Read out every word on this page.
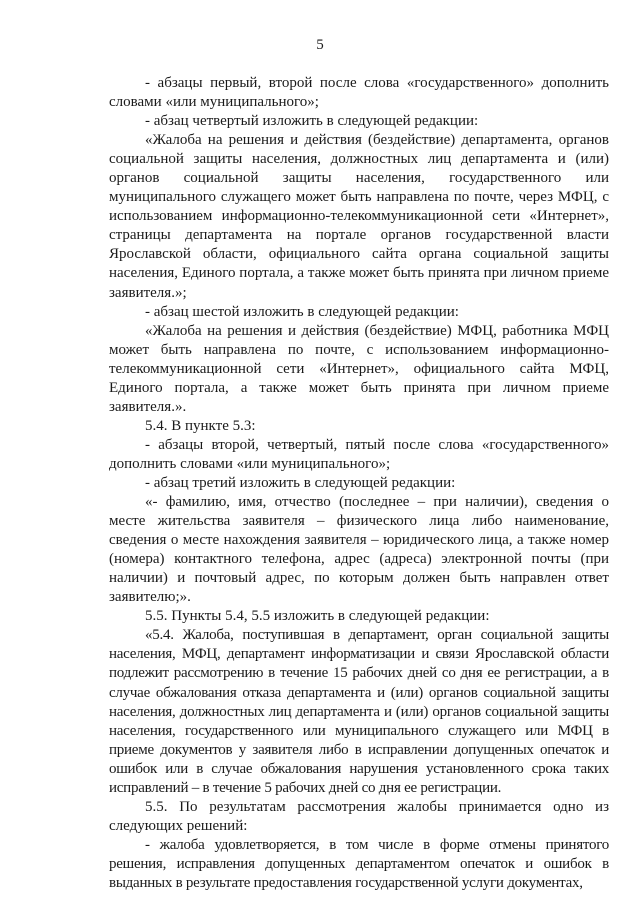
5

- абзацы первый, второй после слова «государственного» дополнить словами «или муниципального»;

- абзац четвертый изложить в следующей редакции:

«Жалоба на решения и действия (бездействие) департамента, органов социальной защиты населения, должностных лиц департамента и (или) органов социальной защиты населения, государственного или муниципального служащего может быть направлена по почте, через МФЦ, с использованием информационно-телекоммуникационной сети «Интернет», страницы департамента на портале органов государственной власти Ярославской области, официального сайта органа социальной защиты населения, Единого портала, а также может быть принята при личном приеме заявителя.»;

- абзац шестой изложить в следующей редакции:

«Жалоба на решения и действия (бездействие) МФЦ, работника МФЦ может быть направлена по почте, с использованием информационно-телекоммуникационной сети «Интернет», официального сайта МФЦ, Единого портала, а также может быть принята при личном приеме заявителя.».

5.4. В пункте 5.3:

- абзацы второй, четвертый, пятый после слова «государственного» дополнить словами «или муниципального»;

- абзац третий изложить в следующей редакции:

«- фамилию, имя, отчество (последнее – при наличии), сведения о месте жительства заявителя – физического лица либо наименование, сведения о месте нахождения заявителя – юридического лица, а также номер (номера) контактного телефона, адрес (адреса) электронной почты (при наличии) и почтовый адрес, по которым должен быть направлен ответ заявителю;».

5.5. Пункты 5.4, 5.5 изложить в следующей редакции:

«5.4. Жалоба, поступившая в департамент, орган социальной защиты населения, МФЦ, департамент информатизации и связи Ярославской области подлежит рассмотрению в течение 15 рабочих дней со дня ее регистрации, а в случае обжалования отказа департамента и (или) органов социальной защиты населения, должностных лиц департамента и (или) органов социальной защиты населения, государственного или муниципального служащего или МФЦ в приеме документов у заявителя либо в исправлении допущенных опечаток и ошибок или в случае обжалования нарушения установленного срока таких исправлений – в течение 5 рабочих дней со дня ее регистрации.

5.5. По результатам рассмотрения жалобы принимается одно из следующих решений:

- жалоба удовлетворяется, в том числе в форме отмены принятого решения, исправления допущенных департаментом опечаток и ошибок в выданных в результате предоставления государственной услуги документах,
